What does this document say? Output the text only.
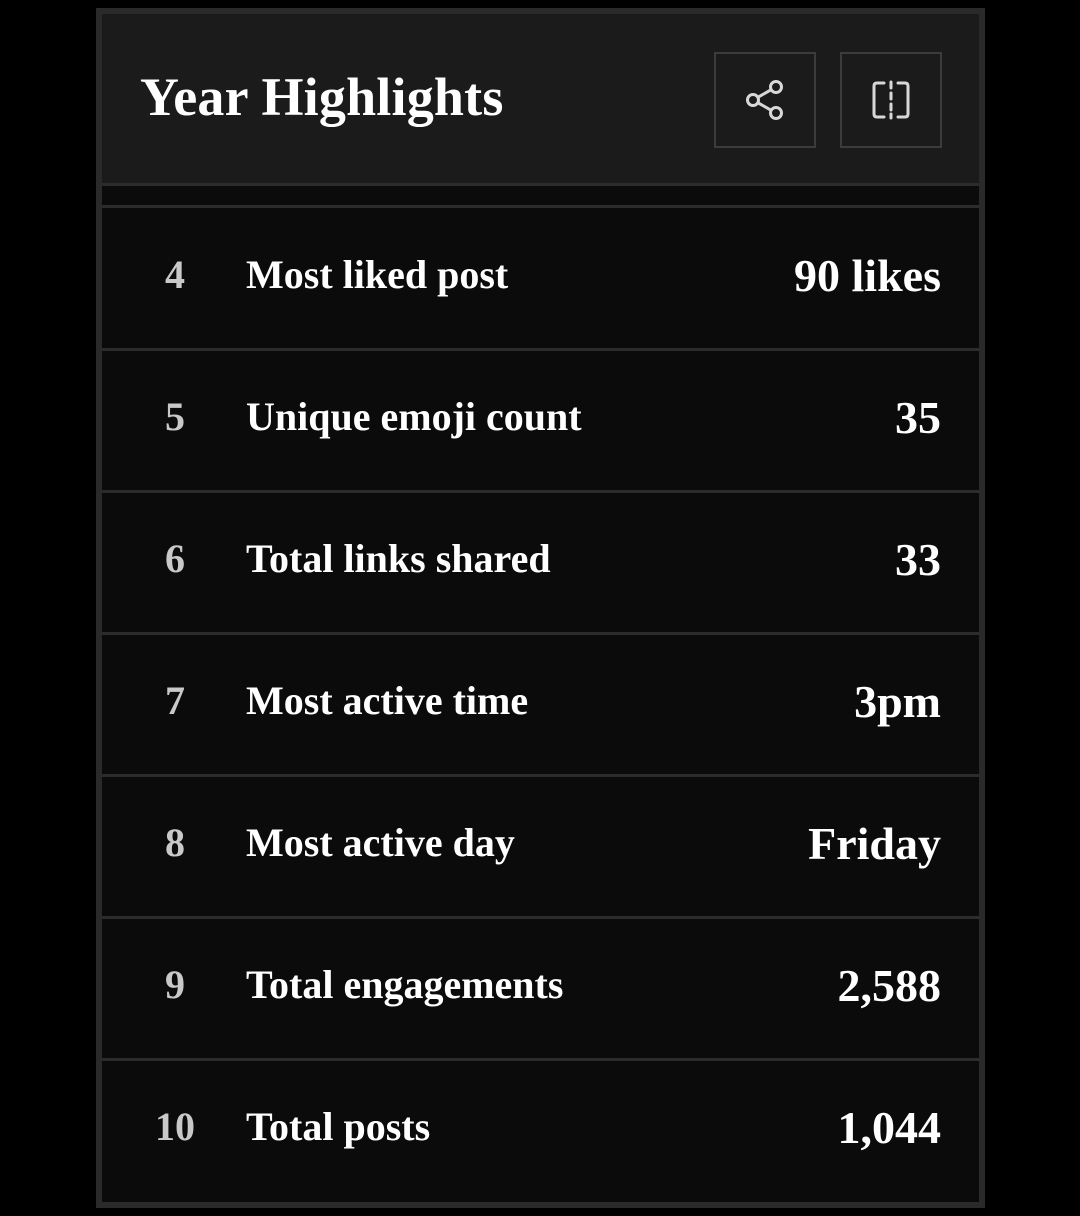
Year Highlights
4	Most liked post	90 likes
5	Unique emoji count	35
6	Total links shared	33
7	Most active time	3pm
8	Most active day	Friday
9	Total engagements	2,588
10	Total posts	1,044
